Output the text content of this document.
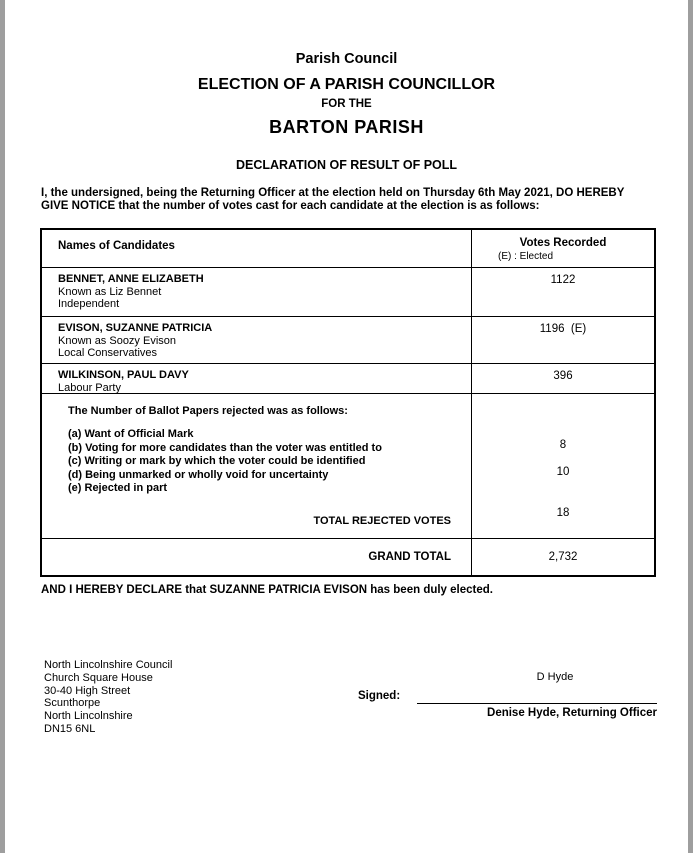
Parish Council
ELECTION OF A PARISH COUNCILLOR
FOR THE
BARTON PARISH
DECLARATION OF RESULT OF POLL
I, the undersigned, being the Returning Officer at the election held on Thursday 6th May 2021, DO HEREBY GIVE NOTICE that the number of votes cast for each candidate at the election is as follows:
Names of Candidates	Votes Recorded
(E) : Elected
BENNET, ANNE ELIZABETH
Known as Liz Bennet
Independent
1122
EVISON, SUZANNE PATRICIA
Known as Soozy Evison
Local Conservatives
1196  (E)
WILKINSON, PAUL DAVY
Labour Party
396
The Number of Ballot Papers rejected was as follows:
(a) Want of Official Mark
(b) Voting for more candidates than the voter was entitled to
(c) Writing or mark by which the voter could be identified
(d) Being unmarked or wholly void for uncertainty
(e) Rejected in part
TOTAL REJECTED VOTES
8
10
18
GRAND TOTAL	2,732
AND I HEREBY DECLARE that SUZANNE PATRICIA EVISON has been duly elected.
North Lincolnshire Council
Church Square House
30-40 High Street
Scunthorpe
North Lincolnshire
DN15 6NL
D Hyde
Signed:
Denise Hyde, Returning Officer
